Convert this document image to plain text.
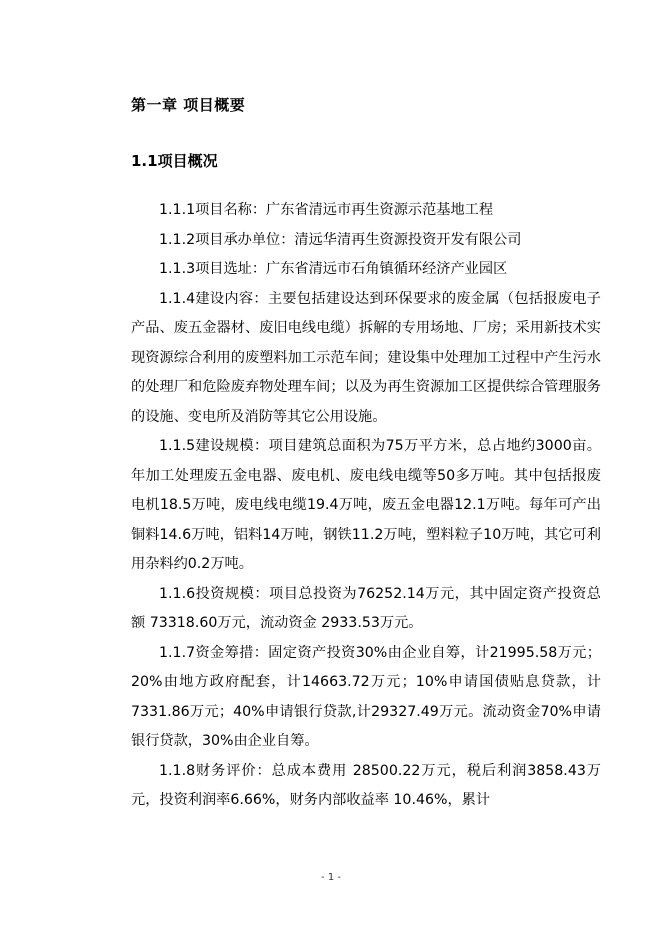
第一章 项目概要
1.1项目概况

1.1.1项目名称：广东省清远市再生资源示范基地工程

1.1.2项目承办单位：清远华清再生资源投资开发有限公司

1.1.3项目选址：广东省清远市石角镇循环经济产业园区

1.1.4建设内容：主要包括建设达到环保要求的废金属（包括报废电子产品、废五金器材、废旧电线电缆）拆解的专用场地、厂房；采用新技术实现资源综合利用的废塑料加工示范车间；建设集中处理加工过程中产生污水的处理厂和危险废弃物处理车间；以及为再生资源加工区提供综合管理服务的设施、变电所及消防等其它公用设施。

1.1.5建设规模：项目建筑总面积为75万平方米，总占地约3000亩。年加工处理废五金电器、废电机、废电线电缆等50多万吨。其中包括报废电机18.5万吨，废电线电缆19.4万吨，废五金电器12.1万吨。每年可产出铜料14.6万吨，铝料14万吨，钢铁11.2万吨，塑料粒子10万吨，其它可利用杂料约0.2万吨。

1.1.6投资规模：项目总投资为76252.14万元，其中固定资产投资总额 73318.60万元，流动资金 2933.53万元。

1.1.7资金筹措：固定资产投资30%由企业自筹，计21995.58万元；20%由地方政府配套，计14663.72万元；10%申请国债贴息贷款，计7331.86万元；40%申请银行贷款,计29327.49万元。流动资金70%申请银行贷款，30%由企业自筹。

1.1.8财务评价：总成本费用 28500.22万元，税后利润3858.43万元，投资利润率6.66%，财务内部收益率 10.46%，累计

- 1 -
